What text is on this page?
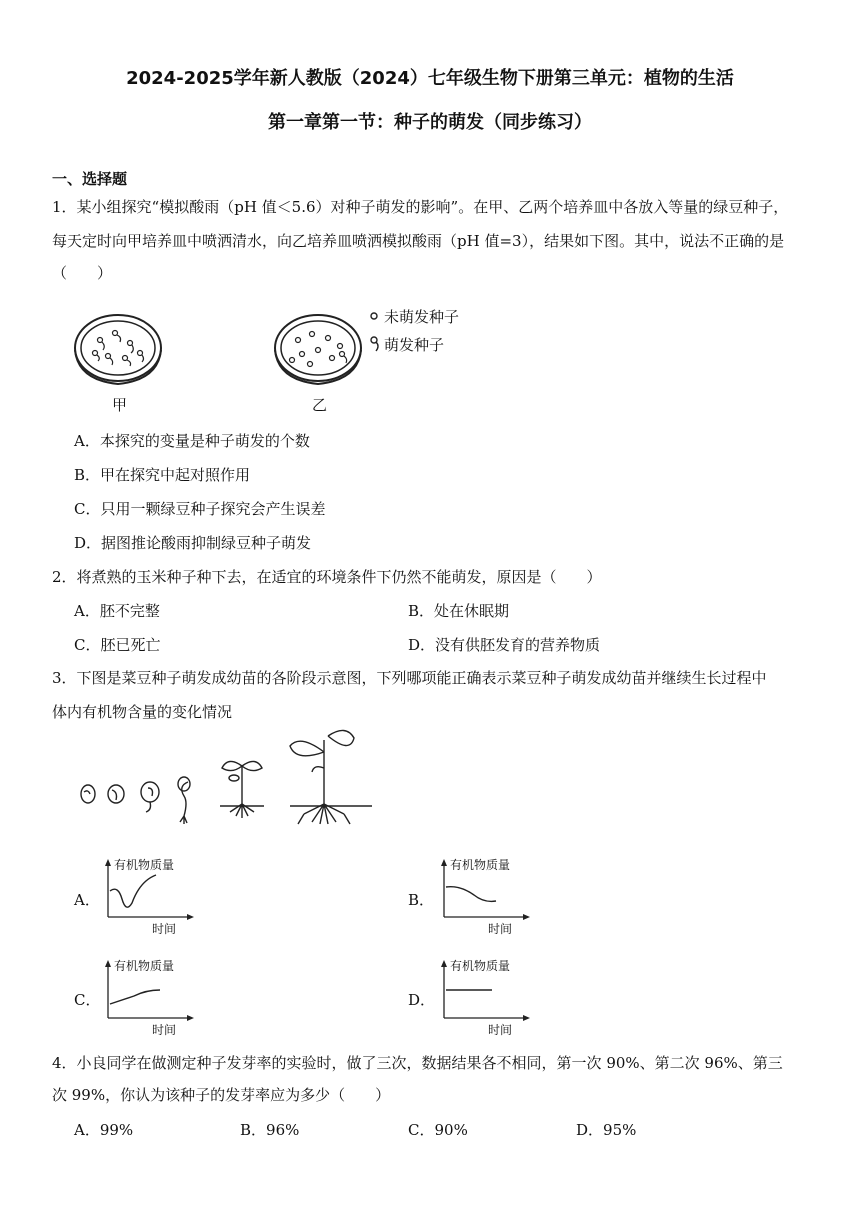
2024-2025学年新人教版（2024）七年级生物下册第三单元：植物的生活
第一章第一节：种子的萌发（同步练习）
一、选择题
1．某小组探究“模拟酸雨（pH 值＜5.6）对种子萌发的影响”。在甲、乙两个培养皿中各放入等量的绿豆种子，
每天定时向甲培养皿中喷洒清水，向乙培养皿喷洒模拟酸雨（pH 值=3），结果如下图。其中，说法不正确的是
（　　）
甲	乙
未萌发种子
萌发种子
A．本探究的变量是种子萌发的个数
B．甲在探究中起对照作用
C．只用一颗绿豆种子探究会产生误差
D．据图推论酸雨抑制绿豆种子萌发
2．将煮熟的玉米种子种下去，在适宜的环境条件下仍然不能萌发，原因是（　　）
A．胚不完整	B．处在休眠期
C．胚已死亡	D．没有供胚发育的营养物质
3．下图是菜豆种子萌发成幼苗的各阶段示意图，下列哪项能正确表示菜豆种子萌发成幼苗并继续生长过程中
体内有机物含量的变化情况
A．
有机物质量
时间
B．
有机物质量
时间
C．
有机物质量
时间
D．
有机物质量
时间
4．小良同学在做测定种子发芽率的实验时，做了三次，数据结果各不相同，第一次 90%、第二次 96%、第三
次 99%，你认为该种子的发芽率应为多少（　　）
A．99%	B．96%	C．90%	D．95%
